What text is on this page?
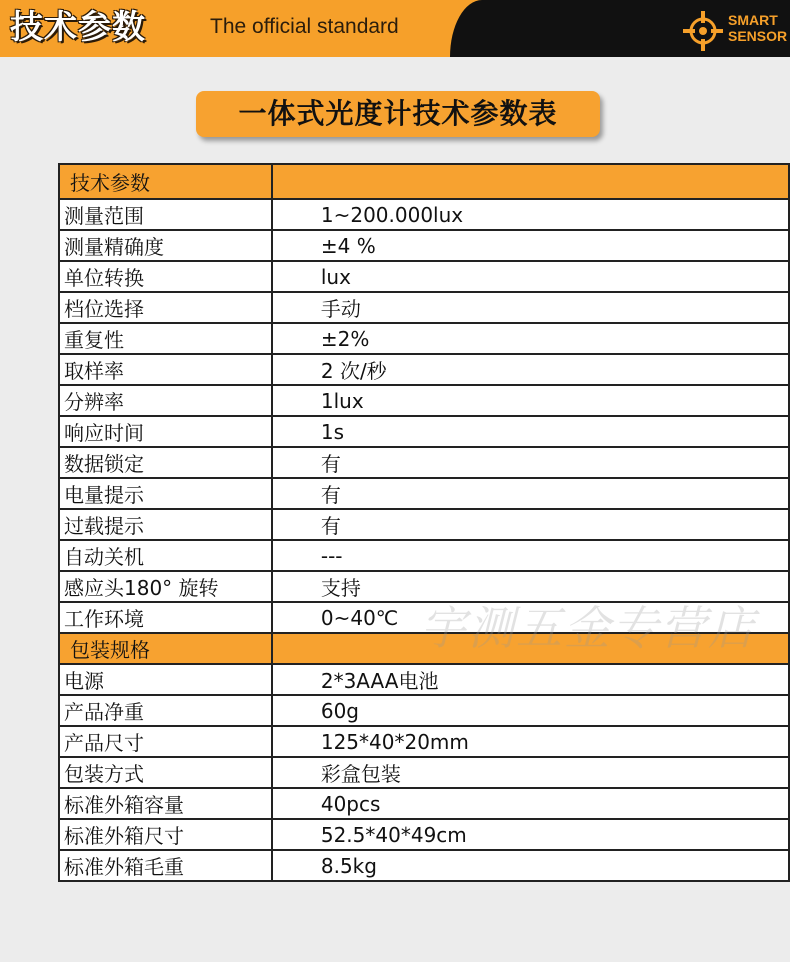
技术参数	The official standard	SMART
SENSOR
一体式光度计技术参数表
技术参数	
测量范围	1~200.000lux
测量精确度	±4 %
单位转换	lux
档位选择	手动
重复性	±2%
取样率	2 次/秒
分辨率	1lux
响应时间	1s
数据锁定	有
电量提示	有
过载提示	有
自动关机	---
感应头180° 旋转	支持
工作环境	0~40℃
包装规格	
电源	2*3AAA电池
产品净重	60g
产品尺寸	125*40*20mm
包装方式	彩盒包装
标准外箱容量	40pcs
标准外箱尺寸	52.5*40*49cm
标准外箱毛重	8.5kg
宇测五金专营店
